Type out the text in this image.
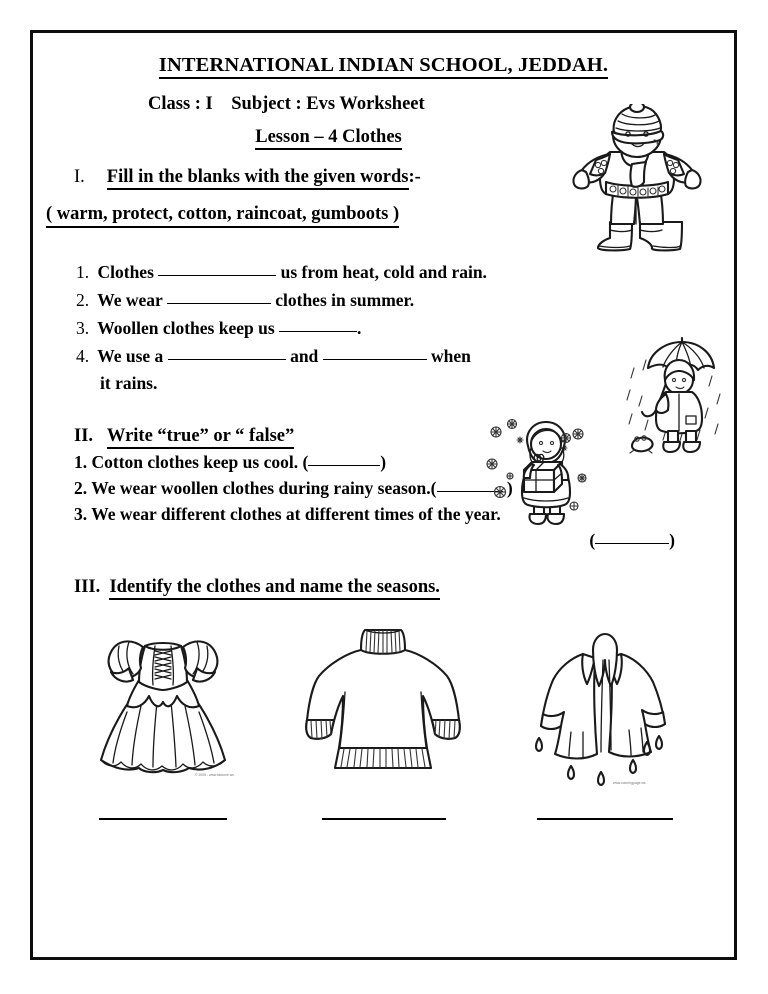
INTERNATIONAL INDIAN SCHOOL, JEDDAH.
Class : I Subject : Evs Worksheet
Lesson – 4 Clothes
I. Fill in the blanks with the given words:-
( warm, protect, cotton, raincoat, gumboots )
1. Clothes	us from heat, cold and rain.
2. We wear	clothes in summer.
3. Woollen clothes keep us	.
4. We use a	and	when
it rains.
II. Write “true” or “ false”
1. Cotton clothes keep us cool. (	)
2. We wear woollen clothes during rainy season.(	)
3. We wear different clothes at different times of the year.
(	)
III. Identify the clothes and name the seasons.
© 2005 - www.kidzone.ws
www.coloringpage.ws
